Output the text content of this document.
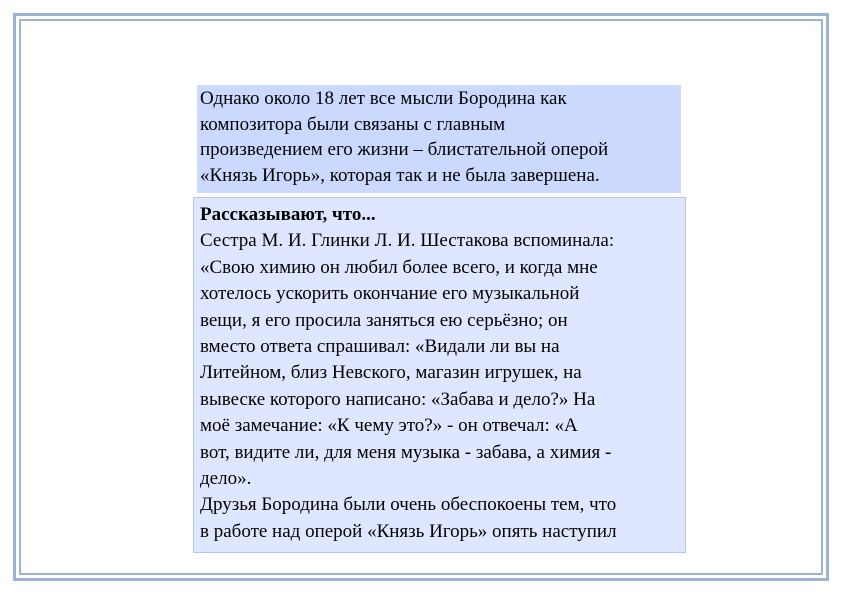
Однако около 18 лет все мысли Бородина как
композитора были связаны с главным
произведением его жизни – блистательной оперой
«Князь Игорь», которая так и не была завершена.
Рассказывают, что...
Сестра М. И. Глинки Л. И. Шестакова вспоминала:
«Свою химию он любил более всего, и когда мне
хотелось ускорить окончание его музыкальной
вещи, я его просила заняться ею серьёзно; он
вместо ответа спрашивал: «Видали ли вы на
Литейном, близ Невского, магазин игрушек, на
вывеске которого написано: «Забава и дело?» На
моё замечание: «К чему это?» - он отвечал: «А
вот, видите ли, для меня музыка - забава, а химия -
дело».
Друзья Бородина были очень обеспокоены тем, что
в работе над оперой «Князь Игорь» опять наступил
